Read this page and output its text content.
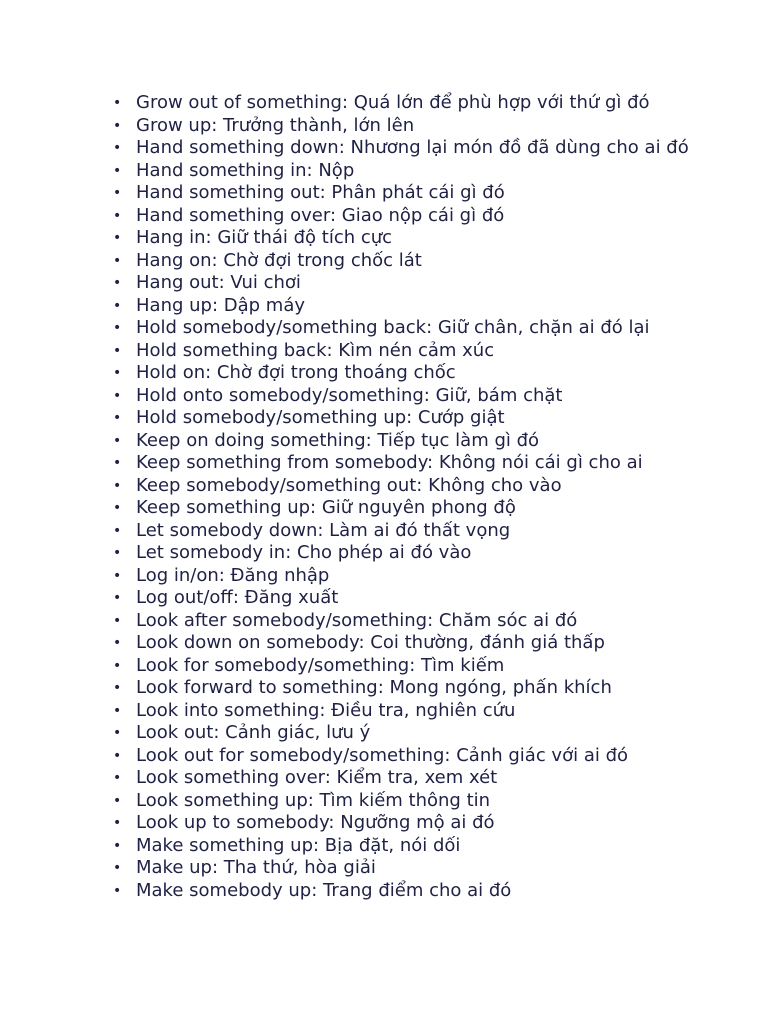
• Grow out of something: Quá lớn để phù hợp với thứ gì đó
• Grow up: Trưởng thành, lớn lên
• Hand something down: Nhương lại món đồ đã dùng cho ai đó
• Hand something in: Nộp
• Hand something out: Phân phát cái gì đó
• Hand something over: Giao nộp cái gì đó
• Hang in: Giữ thái độ tích cực
• Hang on: Chờ đợi trong chốc lát
• Hang out: Vui chơi
• Hang up: Dập máy
• Hold somebody/something back: Giữ chân, chặn ai đó lại
• Hold something back: Kìm nén cảm xúc
• Hold on: Chờ đợi trong thoáng chốc
• Hold onto somebody/something: Giữ, bám chặt
• Hold somebody/something up: Cướp giật
• Keep on doing something: Tiếp tục làm gì đó
• Keep something from somebody: Không nói cái gì cho ai
• Keep somebody/something out: Không cho vào
• Keep something up: Giữ nguyên phong độ
• Let somebody down: Làm ai đó thất vọng
• Let somebody in: Cho phép ai đó vào
• Log in/on: Đăng nhập
• Log out/off: Đăng xuất
• Look after somebody/something: Chăm sóc ai đó
• Look down on somebody: Coi thường, đánh giá thấp
• Look for somebody/something: Tìm kiếm
• Look forward to something: Mong ngóng, phấn khích
• Look into something: Điều tra, nghiên cứu
• Look out: Cảnh giác, lưu ý
• Look out for somebody/something: Cảnh giác với ai đó
• Look something over: Kiểm tra, xem xét
• Look something up: Tìm kiếm thông tin
• Look up to somebody: Ngưỡng mộ ai đó
• Make something up: Bịa đặt, nói dối
• Make up: Tha thứ, hòa giải
• Make somebody up: Trang điểm cho ai đó
